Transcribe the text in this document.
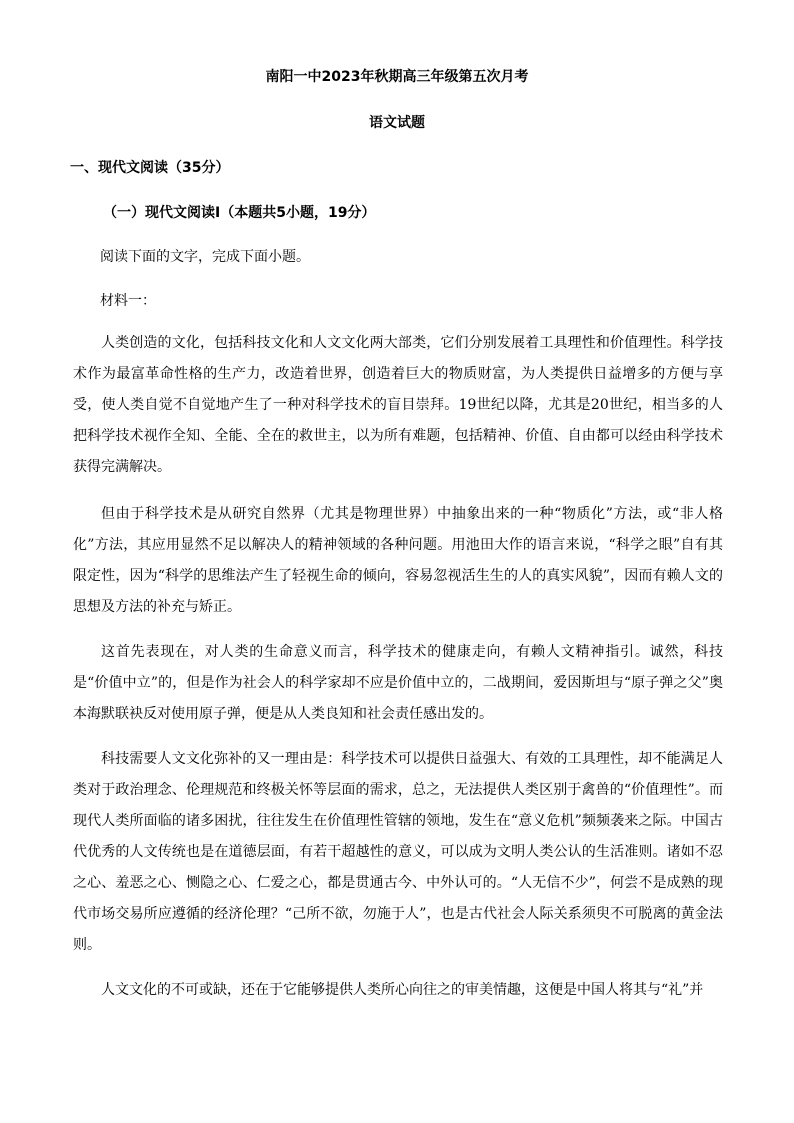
南阳一中2023年秋期高三年级第五次月考
语文试题
一、现代文阅读（35分）
（一）现代文阅读Ⅰ（本题共5小题，19分）
阅读下面的文字，完成下面小题。
材料一：
人类创造的文化，包括科技文化和人文文化两大部类，它们分别发展着工具理性和价值理性。科学技术作为最富革命性格的生产力，改造着世界，创造着巨大的物质财富，为人类提供日益增多的方便与享受，使人类自觉不自觉地产生了一种对科学技术的盲目崇拜。19世纪以降，尤其是20世纪，相当多的人把科学技术视作全知、全能、全在的救世主，以为所有难题，包括精神、价值、自由都可以经由科学技术获得完满解决。
但由于科学技术是从研究自然界（尤其是物理世界）中抽象出来的一种“物质化”方法，或“非人格化”方法，其应用显然不足以解决人的精神领域的各种问题。用池田大作的语言来说，“科学之眼”自有其限定性，因为“科学的思维法产生了轻视生命的倾向，容易忽视活生生的人的真实风貌”，因而有赖人文的思想及方法的补充与矫正。
这首先表现在，对人类的生命意义而言，科学技术的健康走向，有赖人文精神指引。诚然，科技是“价值中立”的，但是作为社会人的科学家却不应是价值中立的，二战期间，爱因斯坦与“原子弹之父”奥本海默联袂反对使用原子弹，便是从人类良知和社会责任感出发的。
科技需要人文文化弥补的又一理由是：科学技术可以提供日益强大、有效的工具理性，却不能满足人类对于政治理念、伦理规范和终极关怀等层面的需求，总之，无法提供人类区别于禽兽的“价值理性”。而现代人类所面临的诸多困扰，往往发生在价值理性管辖的领地，发生在“意义危机”频频袭来之际。中国古代优秀的人文传统也是在道德层面，有若干超越性的意义，可以成为文明人类公认的生活准则。诸如不忍之心、羞恶之心、恻隐之心、仁爱之心，都是贯通古今、中外认可的。“人无信不少”，何尝不是成熟的现代市场交易所应遵循的经济伦理？“己所不欲，勿施于人”，也是古代社会人际关系须臾不可脱离的黄金法则。
人文文化的不可或缺，还在于它能够提供人类所心向往之的审美情趣，这便是中国人将其与“礼”并
